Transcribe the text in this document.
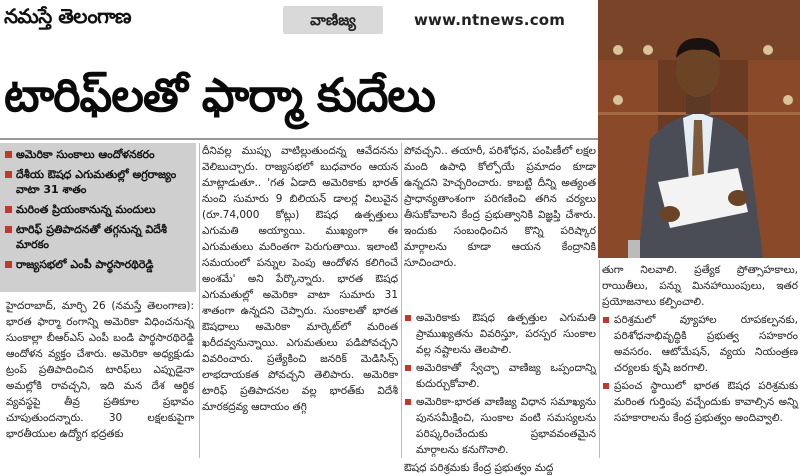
నమస్తే తెలంగాణ	వాణిజ్య	www.ntnews.com
టారిఫ్‌లతో ఫార్మా కుదేలు
అమెరికా సుంకాలు ఆందోళనకరం
దేశీయ ఔషధ ఎగుమతుల్లో అగ్రరాజ్యం వాటా 31 శాతం
మరింత ప్రియంకానున్న మందులు
టారిఫ్ ప్రతిపాదనతో తగ్గనున్న విదేశీ మారకం
రాజ్యసభలో ఎంపీ పార్థసారథిరెడ్డి

హైదరాబాద్, మార్చి 26 (నమస్తే తెలంగాణ): భారత ఫార్మా రంగాన్ని అమెరికా విధించనున్న సుంకాల్లా బీఆర్ఎస్ ఎంపీ బండి పార్థసారథిరెడ్డి ఆందోళన వ్యక్తం చేశారు. అమెరికా అధ్యక్షుడు ట్రంప్ ప్రతిపాదించిన టారిఫ్‌లు ఎప్పుడైనా అమల్లోకి రావచ్చని, ఇది మన దేశ ఆర్థిక వ్యవస్థపై తీవ్ర ప్రతికూల ప్రభావం చూపుతుందన్నారు. 30 లక్షలకుపైగా భారతీయుల ఉద్యోగ భద్రతకు

దీనివల్ల ముప్పు వాటిల్లుతుందన్న ఆవేదనను వెలిబుచ్చారు. రాజ్యసభలో బుధవారం ఆయన మాట్లాడుతూ.. 'గత ఏడాది అమెరికాకు భారత్ నుంచి సుమారు 9 బిలియన్ డాలర్ల విలువైన (రూ.74,000 కోట్లు) ఔషధ ఉత్పత్తులు ఎగుమతి అయ్యాయి. ముఖ్యంగా ఈ ఎగుమతులు మరింతగా పెరుగుతాయి. ఇలాంటి సమయంలో పన్నుల పెంపు ఆందోళన కలిగించే అంశమే' అని పేర్కొన్నారు. భారత ఔషధ ఎగుమతుల్లో అమెరికా వాటా సుమారు 31 శాతంగా ఉన్నదని చెప్పారు. సుంకాలతో భారత ఔషధాలు అమెరికా మార్కెట్‌లో మరింత ఖరీదవ్వనున్నాయి. ఎగుమతులు పడిపోవచ్చని వివరించారు. ప్రత్యేకించి జనరిక్ మెడిసిన్స్ లాభదాయకత పోవచ్చని తెలిపారు. అమెరికా టారిఫ్ ప్రతిపాదనల వల్ల భారత్‌కు విదేశీ మారకద్రవ్య ఆదాయం తగ్గి

పోవచ్చని.. తయారీ, పరిశోధన, పంపిణీలో లక్షల మంది ఉపాధి కోల్పోయే ప్రమాదం కూడా ఉన్నదని హెచ్చరించారు. కాబట్టి దీన్ని అత్యంత ప్రాధాన్యతాంశంగా పరిగణించి తగిన చర్యలు తీసుకోవాలని కేంద్ర ప్రభుత్వానికి విజ్ఞప్తి చేశారు. ఇందుకు సంబంధించిన కొన్ని పరిష్కార మార్గాలను కూడా ఆయన కేంద్రానికి సూచించారు.

అమెరికాకు ఔషధ ఉత్పత్తుల ఎగుమతి ప్రాముఖ్యతను వివరిస్తూ, పరస్పర సుంకాల వల్ల నష్టాలను తెలపాలి.
అమెరికాతో స్వేచ్ఛా వాణిజ్య ఒప్పందాన్ని కుదుర్చుకోవాలి.
అమెరికా-భారత వాణిజ్య విధాన సమాఖ్యను పునసమీక్షించి, సుంకాల వంటి సమస్యలను పరిష్కరించేందుకు ప్రభావవంతమైన మార్గాలను కనుగొనాలి.

ఔషధ పరిశ్రమకు కేంద్ర ప్రభుత్వం మద్ద

తుగా నిలవాలి. ప్రత్యేక ప్రోత్సాహకాలు, రాయితీలు, పన్ను మినహాయింపులు, ఇతర ప్రయోజనాలు కల్పించాలి.

పరిశ్రమలో వ్యూహాల రూపకల్పనకు, పరిశోధనాభివృద్ధికి ప్రభుత్వ సహకారం అవసరం. ఆటోమేషన్, వ్యయ నియంత్రణ చర్యలకు కృషి జరగాలి.
ప్రపంచ స్థాయిలో భారత ఔషధ పరిశ్రమకు మరింత గుర్తింపు వచ్చేందుకు కావాల్సిన అన్ని సహకారాలను కేంద్ర ప్రభుత్వం అందివ్వాలి.
